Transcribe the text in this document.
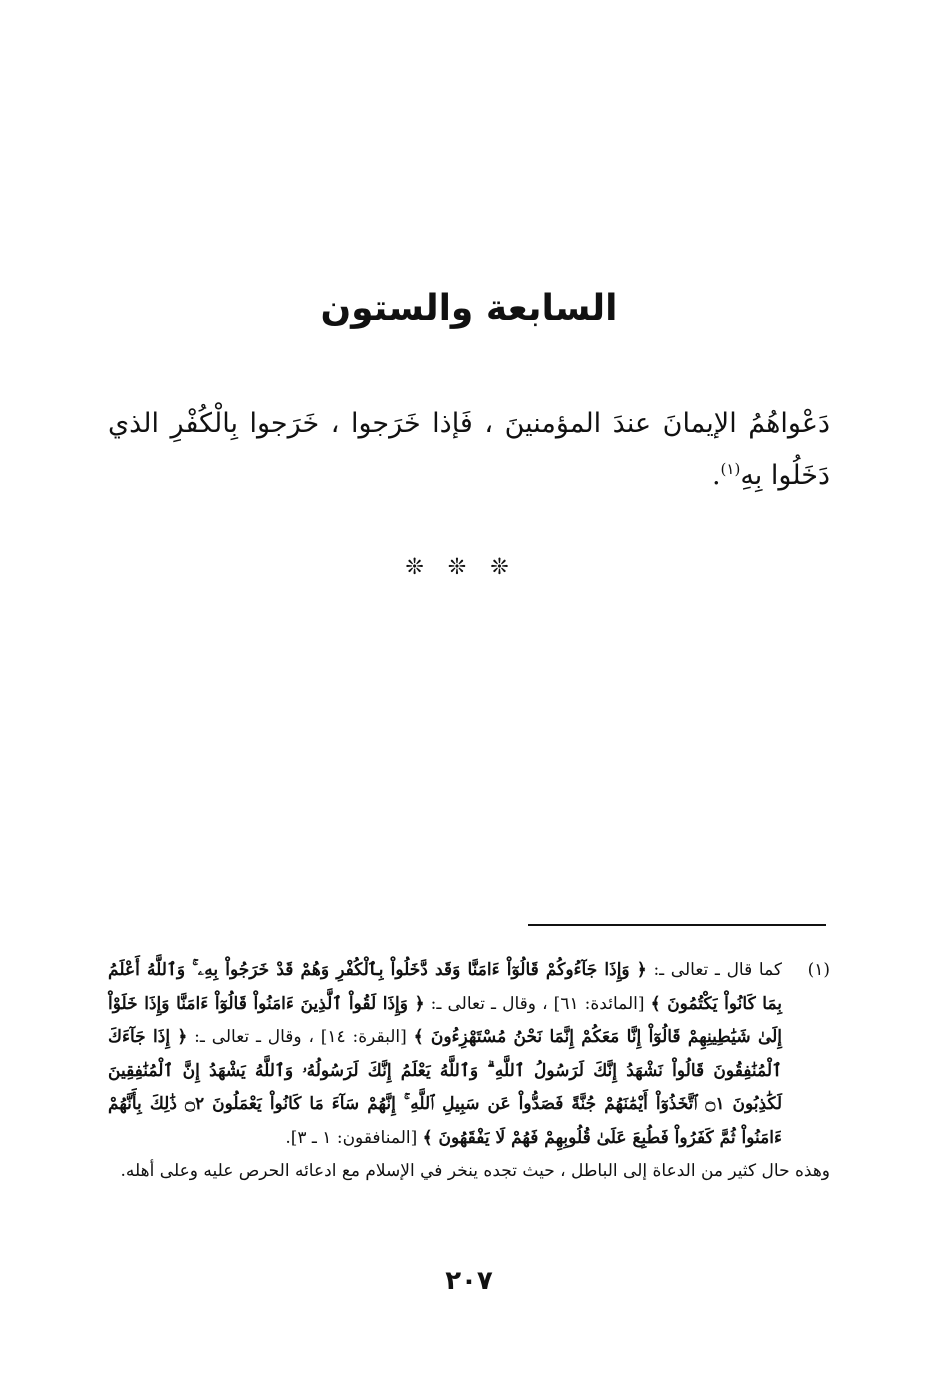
السابعة والستون
دَعْواهُمُ الإيمانَ عندَ المؤمنينَ ، فَإذا خَرَجوا ، خَرَجوا بِالْكُفْرِ الذي دَخَلُوا بِهِ$^{(١)}$.
❊❊❊
(١)
كما قال ـ تعالى ـ: ﴿ وَإِذَا جَآءُوكُمْ قَالُوٓاْ ءَامَنَّا وَقَد دَّخَلُواْ بِٱلْكُفْرِ وَهُمْ قَدْ خَرَجُواْ بِهِۦ ۚ وَٱللَّهُ أَعْلَمُ بِمَا كَانُواْ يَكْتُمُونَ ﴾ [المائدة: ٦١] ، وقال ـ تعالى ـ: ﴿ وَإِذَا لَقُواْ ٱلَّذِينَ ءَامَنُواْ قَالُوٓاْ ءَامَنَّا وَإِذَا خَلَوْاْ إِلَىٰ شَيَٰطِينِهِمْ قَالُوٓاْ إِنَّا مَعَكُمْ إِنَّمَا نَحْنُ مُسْتَهْزِءُونَ ﴾ [البقرة: ١٤] ، وقال ـ تعالى ـ: ﴿ إِذَا جَآءَكَ ٱلْمُنَٰفِقُونَ قَالُواْ نَشْهَدُ إِنَّكَ لَرَسُولُ ٱللَّهِ ۗ وَٱللَّهُ يَعْلَمُ إِنَّكَ لَرَسُولُهُۥ وَٱللَّهُ يَشْهَدُ إِنَّ ٱلْمُنَٰفِقِينَ لَكَٰذِبُونَ ۝١ ٱتَّخَذُوٓاْ أَيْمَٰنَهُمْ جُنَّةً فَصَدُّواْ عَن سَبِيلِ ٱللَّهِ ۚ إِنَّهُمْ سَآءَ مَا كَانُواْ يَعْمَلُونَ ۝٢ ذَٰلِكَ بِأَنَّهُمْ ءَامَنُواْ ثُمَّ كَفَرُواْ فَطُبِعَ عَلَىٰ قُلُوبِهِمْ فَهُمْ لَا يَفْقَهُونَ ﴾ [المنافقون: ١ ـ ٣].
وهذه حال كثير من الدعاة إلى الباطل ، حيث تجده ينخر في الإسلام مع ادعائه الحرص عليه وعلى أهله.
٢٠٧
